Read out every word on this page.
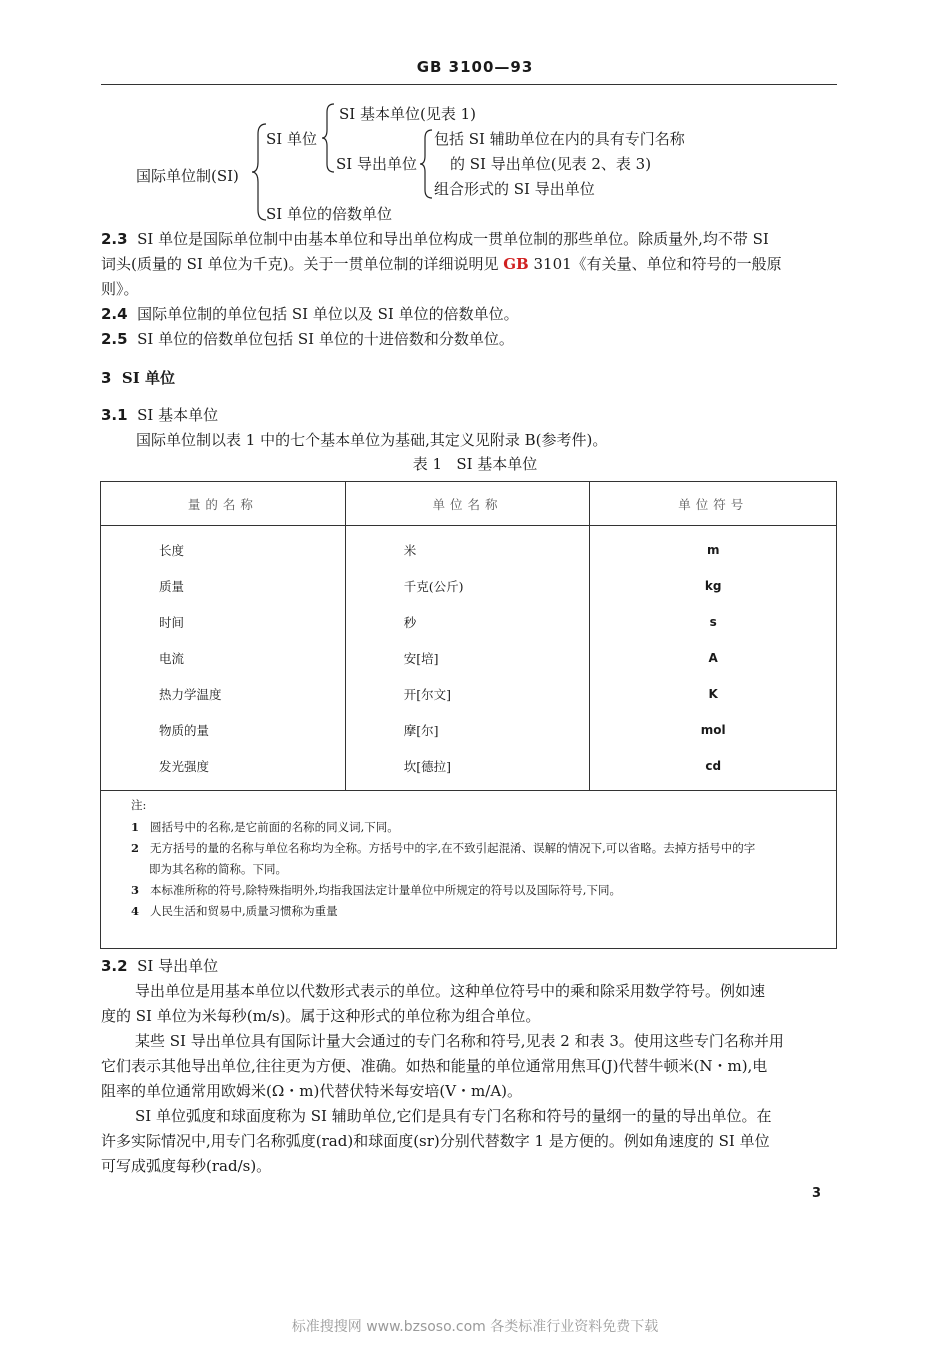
GB 3100—93
国际单位制(SI)
SI 单位
SI 基本单位(见表 1)
SI 导出单位
包括 SI 辅助单位在内的具有专门名称
的 SI 导出单位(见表 2、表 3)
组合形式的 SI 导出单位
SI 单位的倍数单位
2.3 SI 单位是国际单位制中由基本单位和导出单位构成一贯单位制的那些单位。除质量外,均不带 SI
词头(质量的 SI 单位为千克)。关于一贯单位制的详细说明见 GB 3101《有关量、单位和符号的一般原
则》。
2.4 国际单位制的单位包括 SI 单位以及 SI 单位的倍数单位。
2.5 SI 单位的倍数单位包括 SI 单位的十进倍数和分数单位。
3 SI 单位
3.1 SI 基本单位
国际单位制以表 1 中的七个基本单位为基础,其定义见附录 B(参考件)。
表 1   SI 基本单位
量的名称	单位名称	单位符号
长度	米	m
质量	千克(公斤)	kg
时间	秒	s
电流	安[培]	A
热力学温度	开[尔文]	K
物质的量	摩[尔]	mol
发光强度	坎[德拉]	cd
注:
1 圆括号中的名称,是它前面的名称的同义词,下同。
2 无方括号的量的名称与单位名称均为全称。方括号中的字,在不致引起混淆、误解的情况下,可以省略。去掉方括号中的字
即为其名称的简称。下同。
3 本标准所称的符号,除特殊指明外,均指我国法定计量单位中所规定的符号以及国际符号,下同。
4 人民生活和贸易中,质量习惯称为重量
3.2 SI 导出单位
导出单位是用基本单位以代数形式表示的单位。这种单位符号中的乘和除采用数学符号。例如速
度的 SI 单位为米每秒(m/s)。属于这种形式的单位称为组合单位。
某些 SI 导出单位具有国际计量大会通过的专门名称和符号,见表 2 和表 3。使用这些专门名称并用
它们表示其他导出单位,往往更为方便、准确。如热和能量的单位通常用焦耳(J)代替牛顿米(N・m),电
阻率的单位通常用欧姆米(Ω・m)代替伏特米每安培(V・m/A)。
SI 单位弧度和球面度称为 SI 辅助单位,它们是具有专门名称和符号的量纲一的量的导出单位。在
许多实际情况中,用专门名称弧度(rad)和球面度(sr)分别代替数字 1 是方便的。例如角速度的 SI 单位
可写成弧度每秒(rad/s)。
3
标准搜搜网 www.bzsoso.com 各类标准行业资料免费下载
